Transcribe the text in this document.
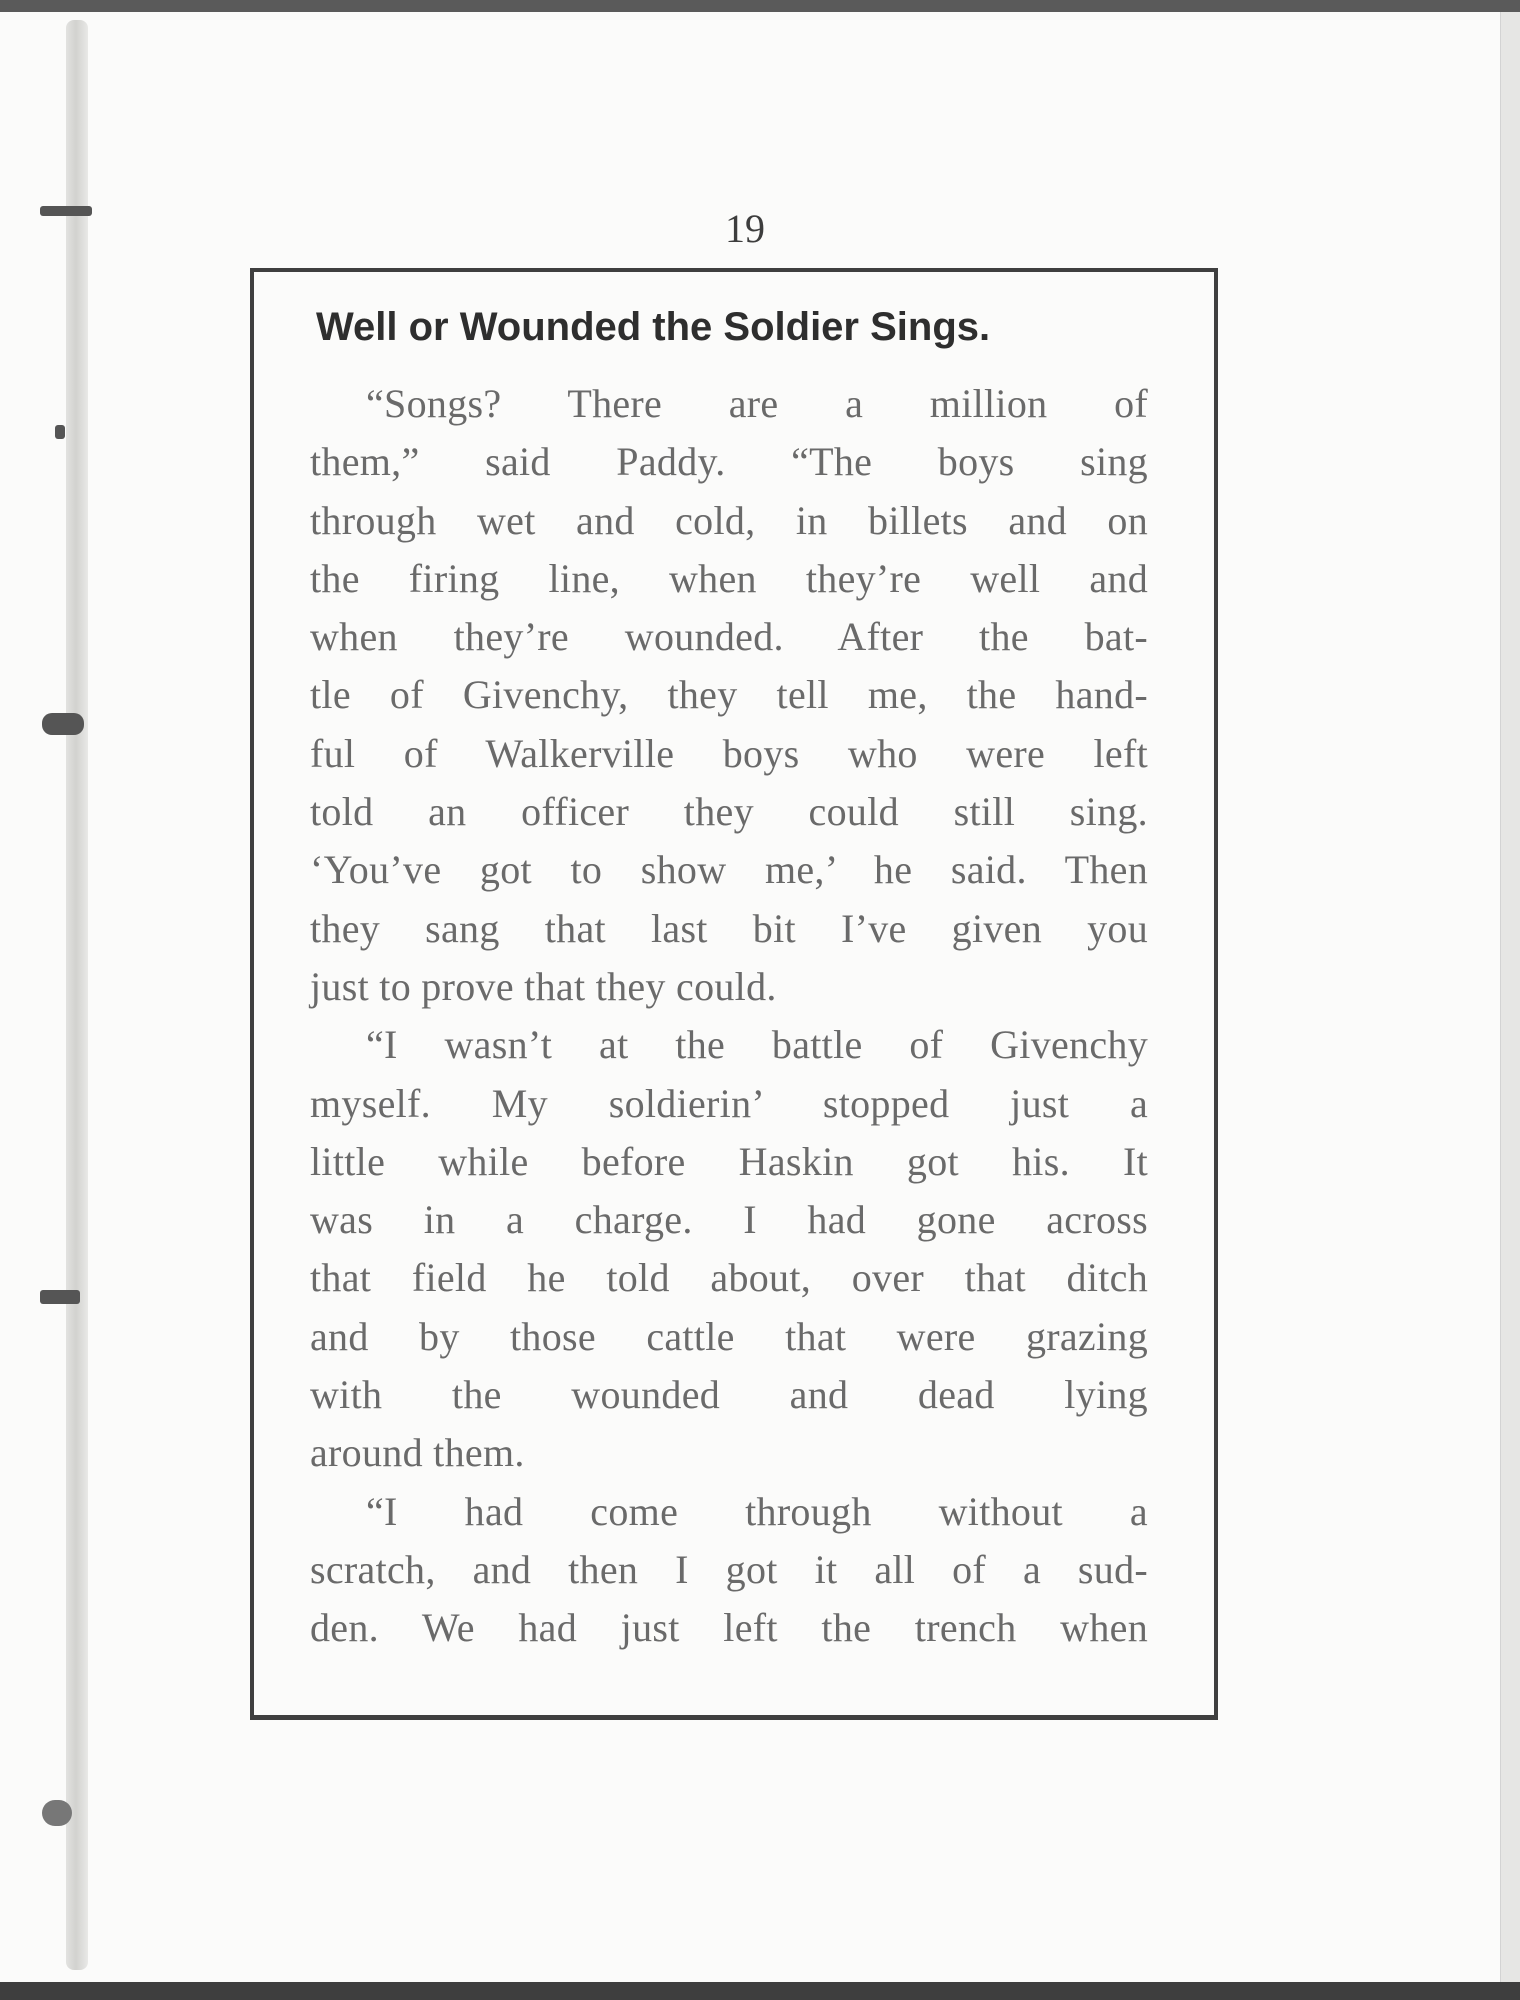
19
Well or Wounded the Soldier Sings.
“Songs? There are a million of
them,” said Paddy. “The boys sing
through wet and cold, in billets and on
the firing line, when they’re well and
when they’re wounded. After the bat-
tle of Givenchy, they tell me, the hand-
ful of Walkerville boys who were left
told an officer they could still sing.
‘You’ve got to show me,’ he said. Then
they sang that last bit I’ve given you
just to prove that they could.
“I wasn’t at the battle of Givenchy
myself. My soldierin’ stopped just a
little while before Haskin got his. It
was in a charge. I had gone across
that field he told about, over that ditch
and by those cattle that were grazing
with the wounded and dead lying
around them.
“I had come through without a
scratch, and then I got it all of a sud-
den. We had just left the trench when
